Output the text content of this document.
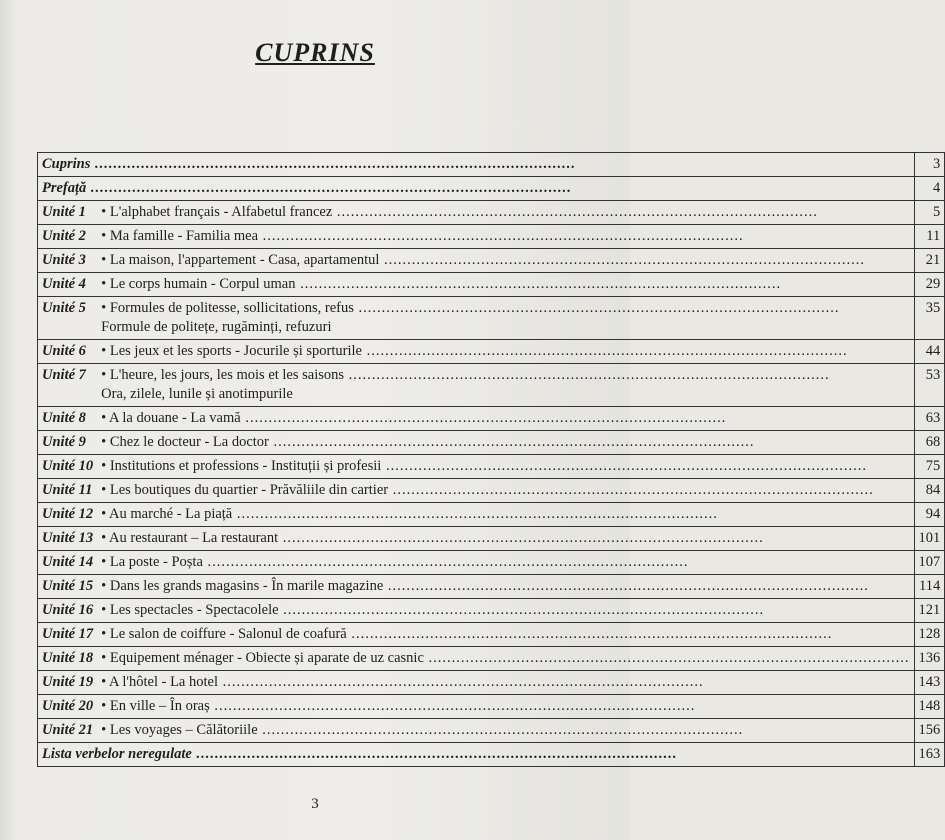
CUPRINS
Cuprins .....		3
Prefață .....		4
Unité 1	• L'alphabet français - Alfabetul francez .....	5
Unité 2	• Ma famille - Familia mea .....	11
Unité 3	• La maison, l'appartement - Casa, apartamentul .....	21
Unité 4	• Le corps humain - Corpul uman .....	29
Unité 5	• Formules de politesse, sollicitations, refus .....
Formule de politețe, rugăminți, refuzuri	35
Unité 6	• Les jeux et les sports - Jocurile și sporturile .....	44
Unité 7	• L'heure, les jours, les mois et les saisons .....
Ora, zilele, lunile și anotimpurile	53
Unité 8	• A la douane - La vamă .....	63
Unité 9	• Chez le docteur - La doctor .....	68
Unité 10	• Institutions et professions - Instituții și profesii .....	75
Unité 11	• Les boutiques du quartier - Prăvăliile din cartier .....	84
Unité 12	• Au marché - La piață .....	94
Unité 13	• Au restaurant – La restaurant .....	101
Unité 14	• La poste - Poșta .....	107
Unité 15	• Dans les grands magasins - În marile magazine .....	114
Unité 16	• Les spectacles - Spectacolele .....	121
Unité 17	• Le salon de coiffure - Salonul de coafură .....	128
Unité 18	• Equipement ménager - Obiecte și aparate de uz casnic .....	136
Unité 19	• A l'hôtel - La hotel .....	143
Unité 20	• En ville – În oraș .....	148
Unité 21	• Les voyages – Călătoriile .....	156
Lista verbelor neregulate .....		163
3
